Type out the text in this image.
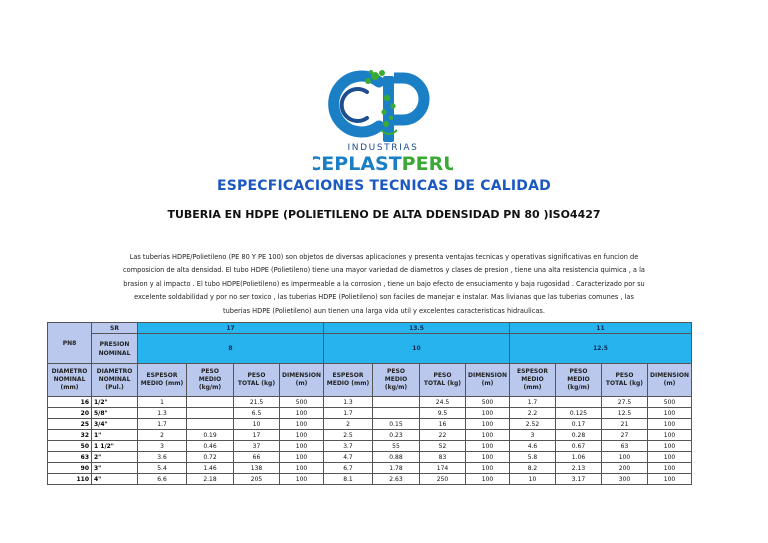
INDUSTRIAS
CEPLASTPERU
ESPECFICACIONES TECNICAS DE CALIDAD
TUBERIA EN HDPE (POLIETILENO DE ALTA DDENSIDAD PN 80 )ISO4427
Las tuberias HDPE/Polietileno (PE 80 Y PE 100) son objetos de diversas aplicaciones y presenta ventajas tecnicas y operativas significativas en funcion de
composicion de alta densidad. El tubo HDPE (Polietileno) tiene una mayor variedad de diametros y clases de presion , tiene una alta resistencia quimica , a la
brasion y al impacto . El tubo HDPE(Polietileno) es impermeable a la corrosion , tiene un bajo efecto de ensuciamento y baja rugosidad . Caracterizado por su
excelente soldabilidad y por no ser toxico , las tuberias HDPE (Polietileno) son faciles de manejar e instalar. Mas livianas que las tuberias comunes , las
tuberias HDPE (Polietileno) aun tienen una larga vida util y excelentes caracteristicas hidraulicas.
PN8	SR	17				13.5				11			
	PRESION NOMINAL	8				10				12.5			
DIAMETRO NOMINAL (mm)	DIAMETRO NOMINAL (Pul.)	ESPESOR MEDIO (mm)	PESO MEDIO (kg/m)	PESO TOTAL (kg)	DIMENSION (m)	ESPESOR MEDIO (mm)	PESO MEDIO (kg/m)	PESO TOTAL (kg)	DIMENSION (m)	ESPESOR MEDIO (mm)	PESO MEDIO (kg/m)	PESO TOTAL (kg)	DIMENSION (m)
16	1/2"	1		21.5	500	1.3		24.5	500	1.7		27.5	500
20	5/8"	1.3		6.5	100	1.7		9.5	100	2.2	0.125	12.5	100
25	3/4"	1.7		10	100	2	0.15	16	100	2.52	0.17	21	100
32	1"	2	0.19	17	100	2.5	0.23	22	100	3	0.28	27	100
50	1 1/2"	3	0.46	37	100	3.7	55	52	100	4.6	0.67	63	100
63	2"	3.6	0.72	66	100	4.7	0.88	83	100	5.8	1.06	100	100
90	3"	5.4	1.46	138	100	6.7	1.78	174	100	8.2	2.13	200	100
110	4"	6.6	2.18	205	100	8.1	2.63	250	100	10	3.17	300	100
